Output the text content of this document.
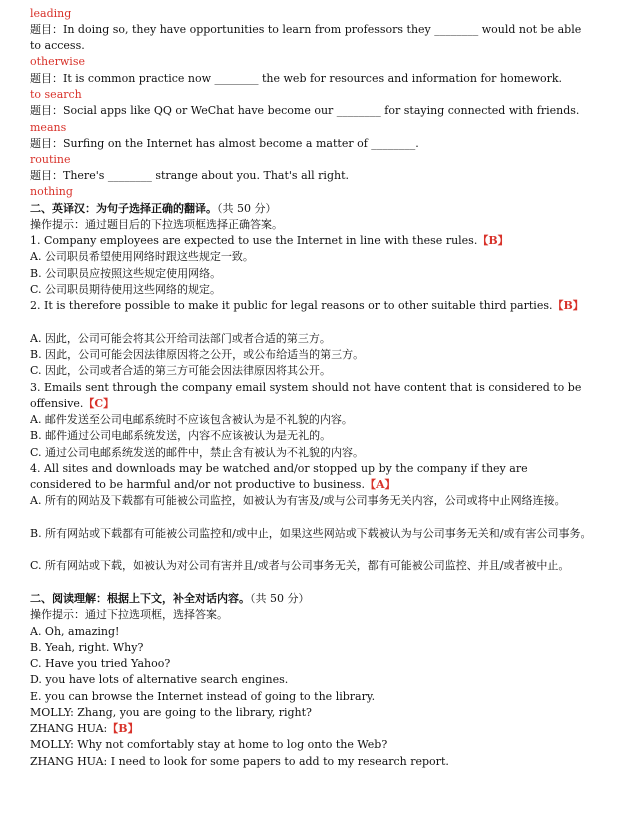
leading
题目：In doing so, they have opportunities to learn from professors they ________ would not be able to access.
otherwise
题目：It is common practice now ________ the web for resources and information for homework.
to search
题目：Social apps like QQ or WeChat have become our ________ for staying connected with friends.
means
题目：Surfing on the Internet has almost become a matter of ________.
routine
题目：There's ________ strange about you. That's all right.
nothing
二、英译汉：为句子选择正确的翻译。（共 50 分）
操作提示：通过题目后的下拉选项框选择正确答案。
1. Company employees are expected to use the Internet in line with these rules.【B】
A. 公司职员希望使用网络时跟这些规定一致。
B. 公司职员应按照这些规定使用网络。
C. 公司职员期待使用这些网络的规定。
2. It is therefore possible to make it public for legal reasons or to other suitable third parties.【B】
A. 因此，公司可能会将其公开给司法部门或者合适的第三方。
B. 因此，公司可能会因法律原因将之公开，或公布给适当的第三方。
C. 因此，公司或者合适的第三方可能会因法律原因将其公开。
3. Emails sent through the company email system should not have content that is considered to be offensive.【C】
A. 邮件发送至公司电邮系统时不应该包含被认为是不礼貌的内容。
B. 邮件通过公司电邮系统发送，内容不应该被认为是无礼的。
C. 通过公司电邮系统发送的邮件中，禁止含有被认为不礼貌的内容。
4. All sites and downloads may be watched and/or stopped up by the company if they are considered to be harmful and/or not productive to business.【A】
A. 所有的网站及下载都有可能被公司监控，如被认为有害及/或与公司事务无关内容，公司或将中止网络连接。
B. 所有网站或下载都有可能被公司监控和/或中止，如果这些网站或下载被认为与公司事务无关和/或有害公司事务。
C. 所有网站或下载，如被认为对公司有害并且/或者与公司事务无关，都有可能被公司监控、并且/或者被中止。
二、阅读理解：根据上下文，补全对话内容。（共 50 分）
操作提示：通过下拉选项框，选择答案。
A. Oh, amazing!
B. Yeah, right. Why?
C. Have you tried Yahoo?
D. you have lots of alternative search engines.
E. you can browse the Internet instead of going to the library.
MOLLY: Zhang, you are going to the library, right?
ZHANG HUA:【B】
MOLLY: Why not comfortably stay at home to log onto the Web?
ZHANG HUA: I need to look for some papers to add to my research report.
